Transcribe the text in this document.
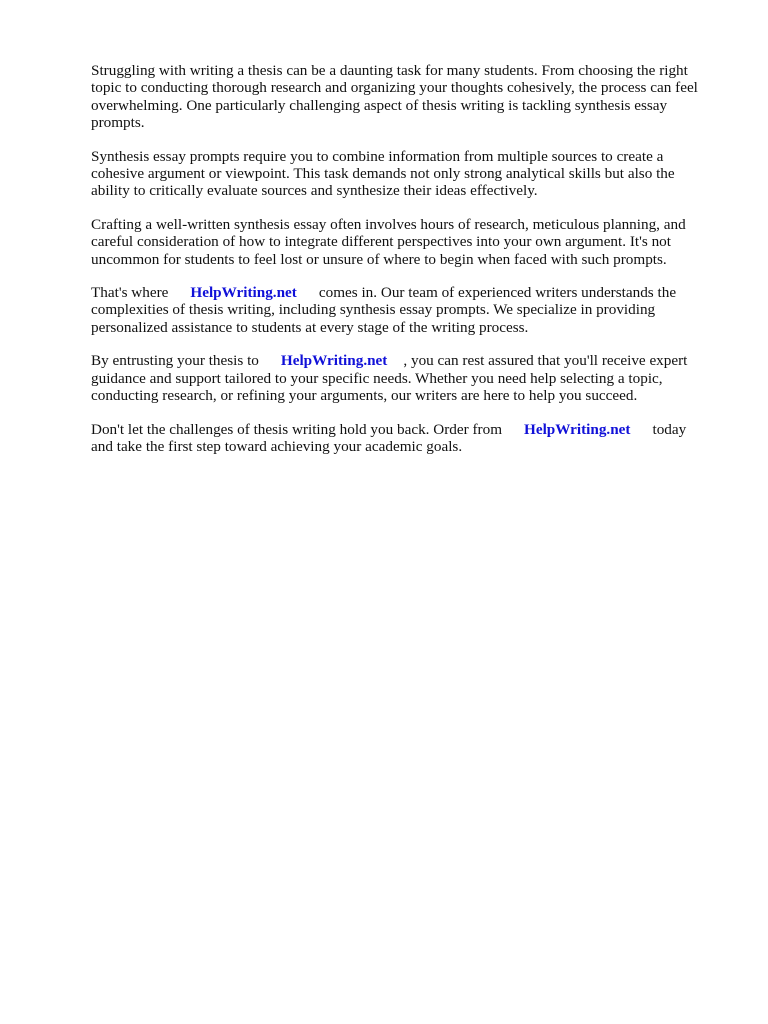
Struggling with writing a thesis can be a daunting task for many students. From choosing the right topic to conducting thorough research and organizing your thoughts cohesively, the process can feel overwhelming. One particularly challenging aspect of thesis writing is tackling synthesis essay prompts.

Synthesis essay prompts require you to combine information from multiple sources to create a cohesive argument or viewpoint. This task demands not only strong analytical skills but also the ability to critically evaluate sources and synthesize their ideas effectively.

Crafting a well-written synthesis essay often involves hours of research, meticulous planning, and careful consideration of how to integrate different perspectives into your own argument. It's not uncommon for students to feel lost or unsure of where to begin when faced with such prompts.

That's where HelpWriting.net comes in. Our team of experienced writers understands the complexities of thesis writing, including synthesis essay prompts. We specialize in providing personalized assistance to students at every stage of the writing process.

By entrusting your thesis to HelpWriting.net , you can rest assured that you'll receive expert guidance and support tailored to your specific needs. Whether you need help selecting a topic, conducting research, or refining your arguments, our writers are here to help you succeed.

Don't let the challenges of thesis writing hold you back. Order from HelpWriting.net today and take the first step toward achieving your academic goals.
